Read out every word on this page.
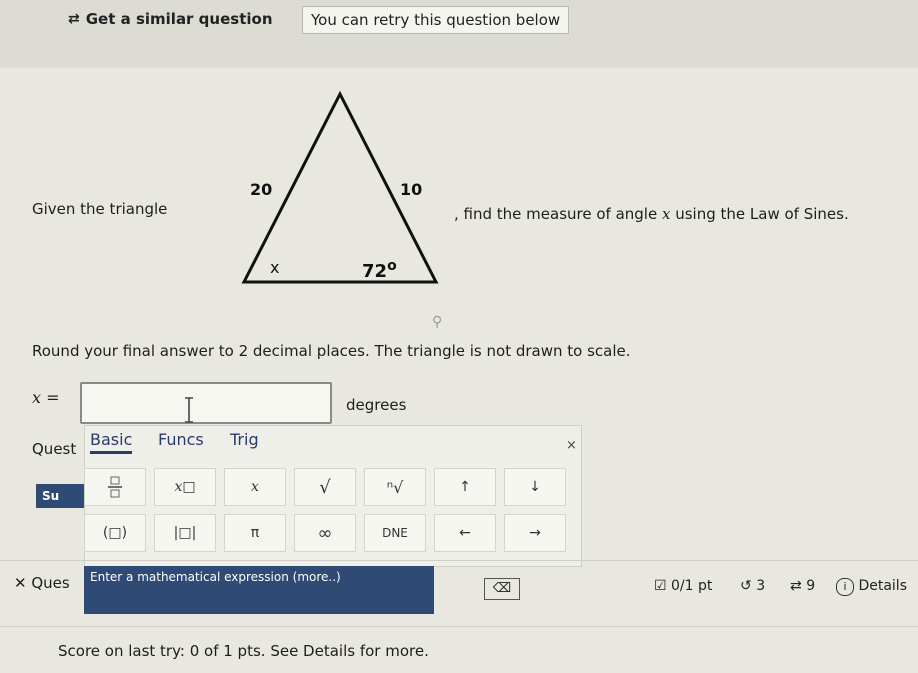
⇄ Get a similar question	You can retry this question below
Given the triangle
20	10
x	72$^o$
, find the measure of angle x using the Law of Sines.
⚲
Round your final answer to 2 decimal places. The triangle is not drawn to scale.
x =	degrees
Quest
Su
Basic Funcs Trig	×
x□	x	√	ⁿ√	↑	↓
(□)	|□|	π	∞	DNE	←	→
✕ Ques	Enter a mathematical expression (more..)
⌫	☑ 0/1 pt ↺ 3 ⇄ 9	i Details
Score on last try: 0 of 1 pts. See Details for more.
